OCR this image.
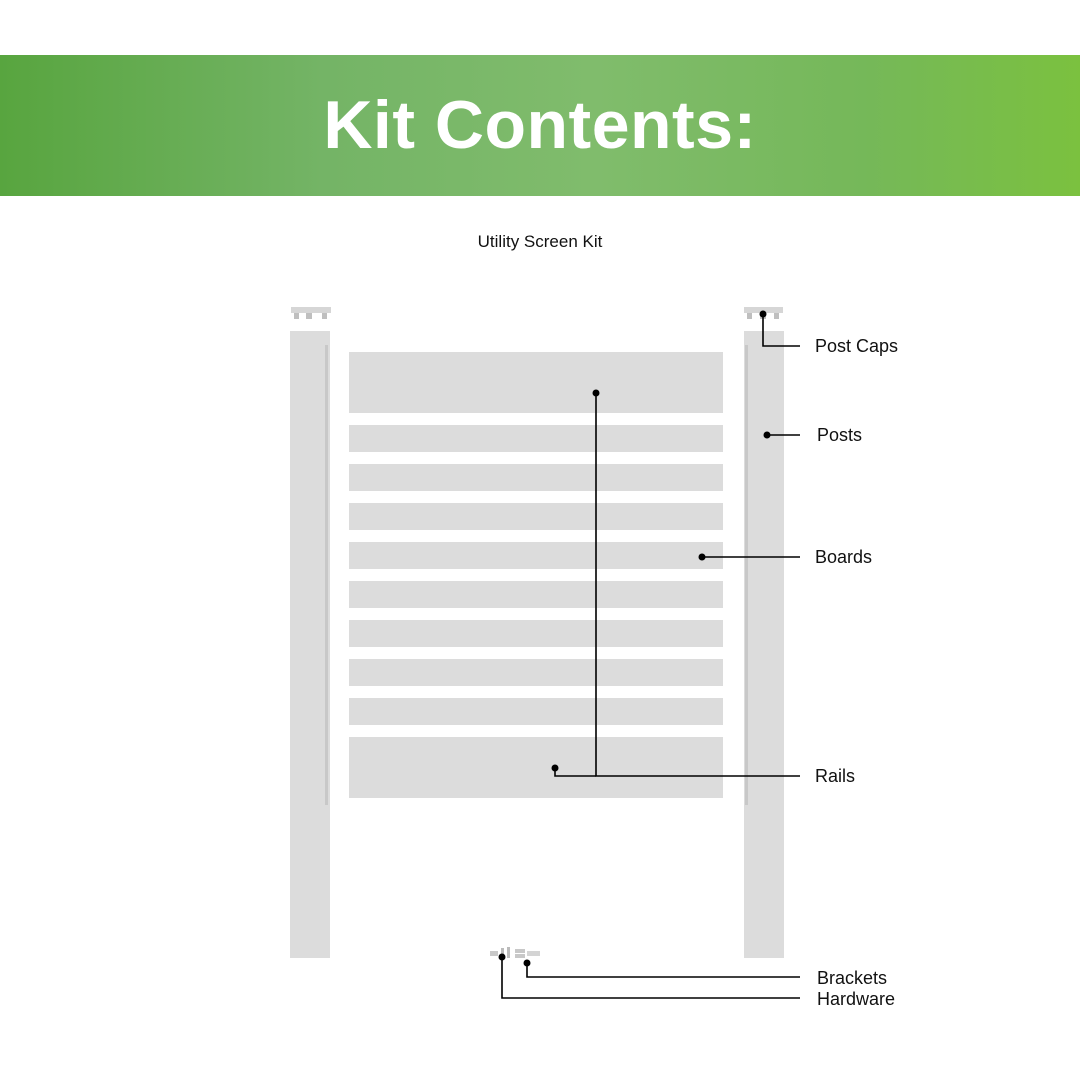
Kit Contents:
Utility Screen Kit
Post Caps
Posts
Boards
Rails
Brackets
Hardware
